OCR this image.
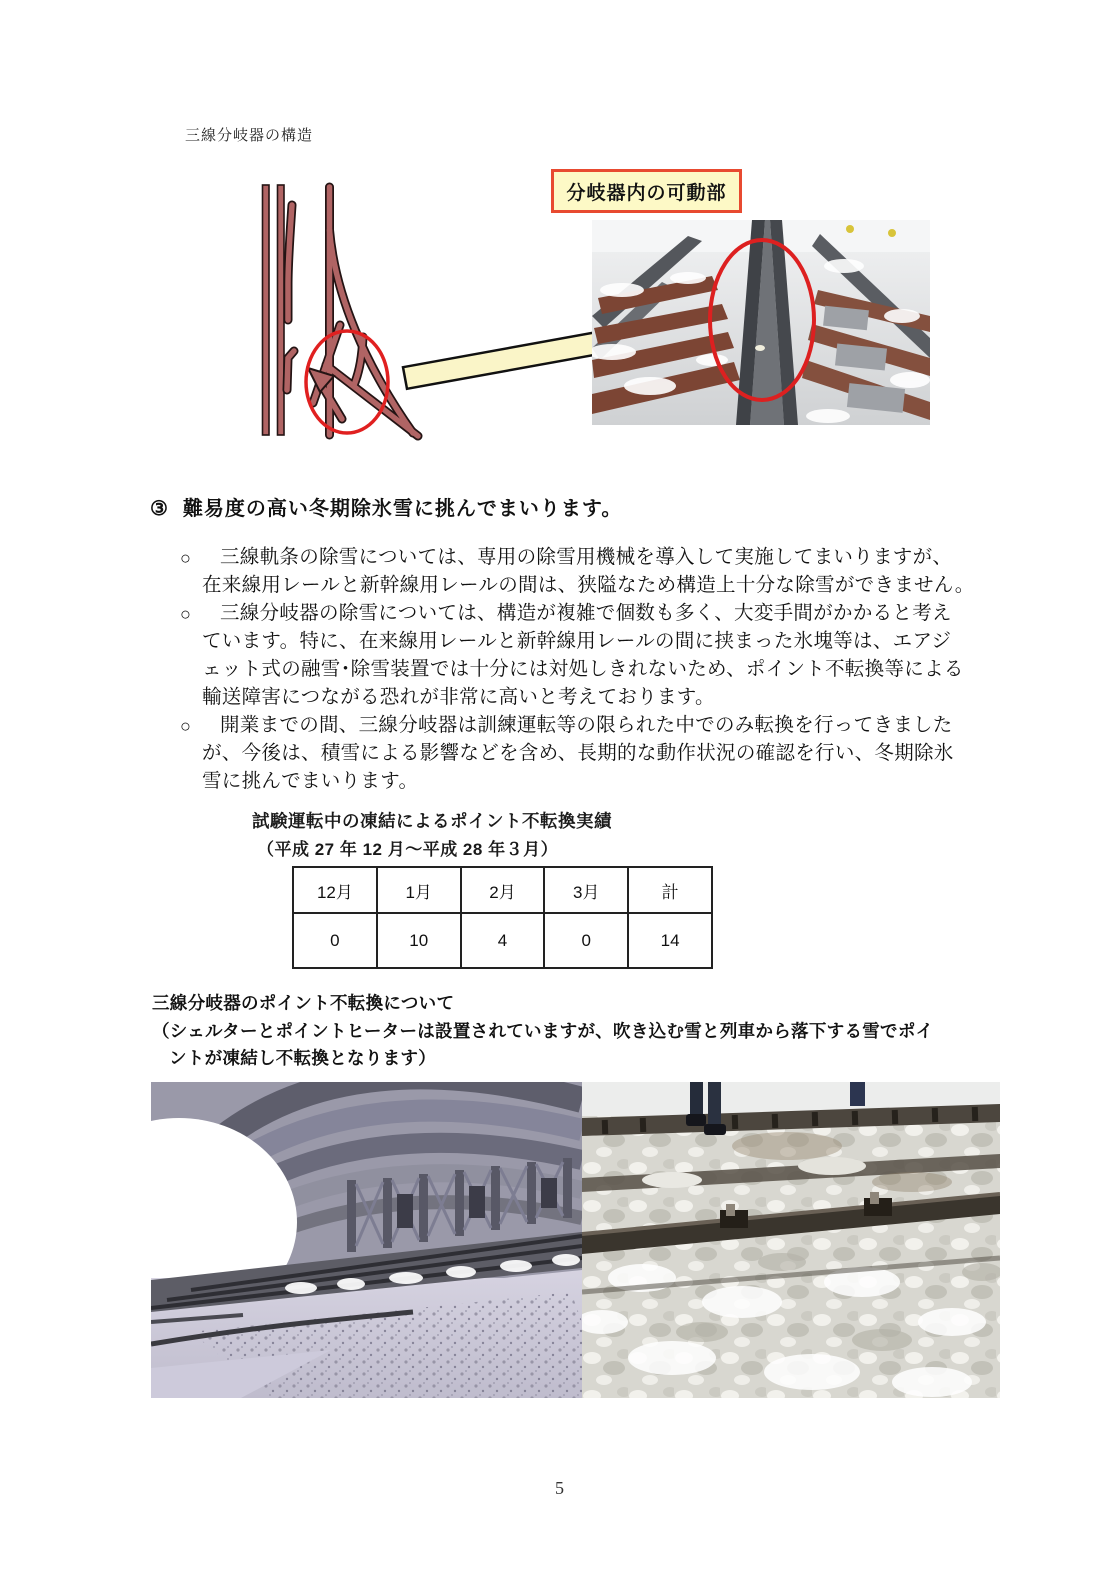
三線分岐器の構造
分岐器内の可動部
③ 難易度の高い冬期除氷雪に挑んでまいります。
○	三線軌条の除雪については、専用の除雪用機械を導入して実施してまいりますが、
在来線用レールと新幹線用レールの間は、狭隘なため構造上十分な除雪ができません。
○	三線分岐器の除雪については、構造が複雑で個数も多く、大変手間がかかると考え
ています。特に、在来線用レールと新幹線用レールの間に挟まった氷塊等は、エアジ
ェット式の融雪･除雪装置では十分には対処しきれないため、ポイント不転換等による
輸送障害につながる恐れが非常に高いと考えております。
○	開業までの間、三線分岐器は訓練運転等の限られた中でのみ転換を行ってきました
が、今後は、積雪による影響などを含め、長期的な動作状況の確認を行い、冬期除氷
雪に挑んでまいります。
試験運転中の凍結によるポイント不転換実績
（平成 27 年 12 月～平成 28 年３月）
12月	1月	2月	3月	計
0	10	4	0	14
三線分岐器のポイント不転換について
（シェルターとポイントヒーターは設置されていますが、吹き込む雪と列車から落下する雪でポイ
ントが凍結し不転換となります）
5
